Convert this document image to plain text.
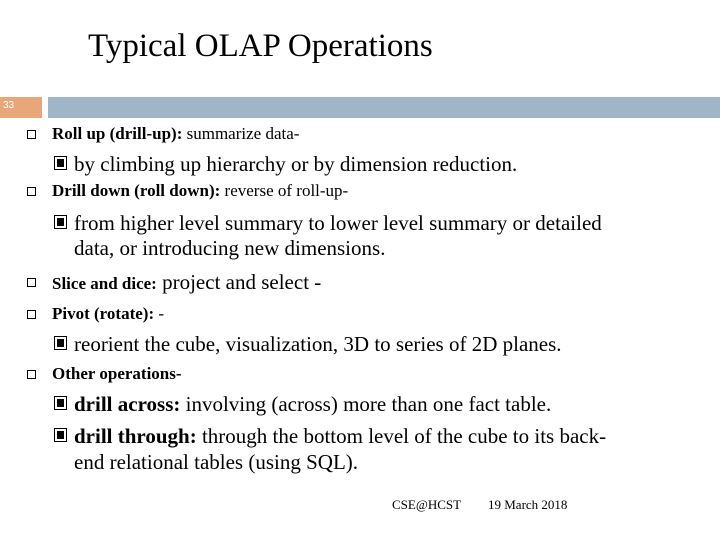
Typical OLAP Operations
33
Roll up (drill-up): summarize data-
by climbing up hierarchy or by dimension reduction.
Drill down (roll down): reverse of roll-up-
from higher level summary to lower level summary or detailed
data, or introducing new dimensions.
Slice and dice: project and select -
Pivot (rotate): -
reorient the cube, visualization, 3D to series of 2D planes.
Other operations-
drill across: involving (across) more than one fact table.
drill through: through the bottom level of the cube to its back-
end relational tables (using SQL).
CSE@HCST 19 March 2018
